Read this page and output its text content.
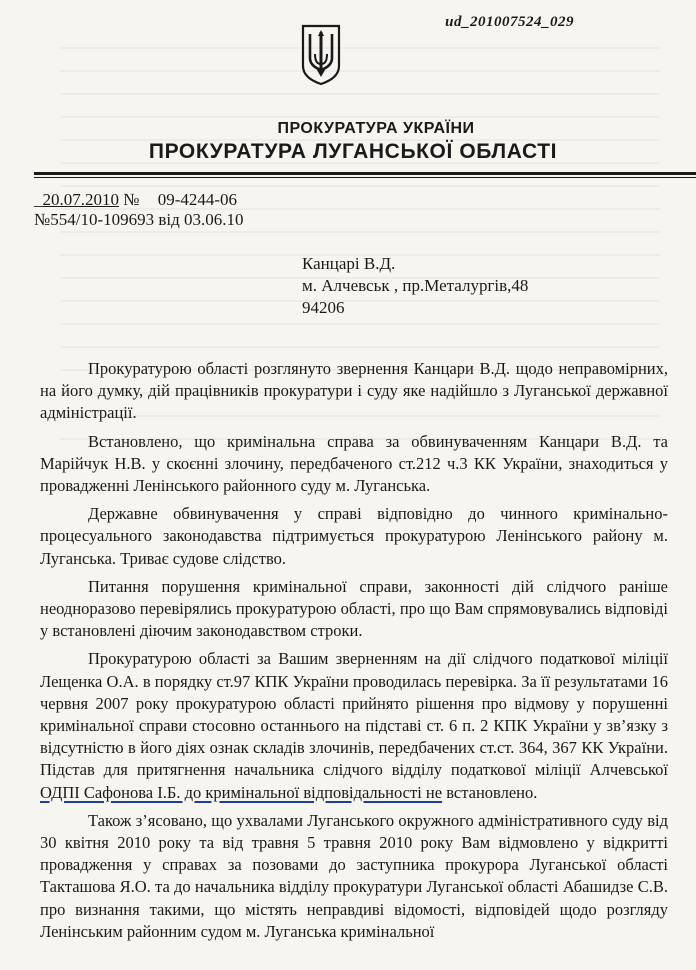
ud_201007524_029
ПРОКУРАТУРА УКРАЇНИ
ПРОКУРАТУРА ЛУГАНСЬКОЇ ОБЛАСТІ
_20.07.2010 № 09-4244-06
№554/10-109693 від 03.06.10
Канцарі В.Д.
м. Алчевськ , пр.Металургів,48
94206

Прокуратурою області розглянуто звернення Канцари В.Д. щодо неправомірних, на його думку, дій працівників прокуратури і суду яке надійшло з Луганської державної адміністрації.

Встановлено, що кримінальна справа за обвинуваченням Канцари В.Д. та Марійчук Н.В. у скоєнні злочину, передбаченого ст.212 ч.3 КК України, знаходиться у провадженні Ленінського районного суду м. Луганська.

Державне обвинувачення у справі відповідно до чинного кримінально-процесуального законодавства підтримується прокуратурою Ленінського району м. Луганська. Триває судове слідство.

Питання порушення кримінальної справи, законності дій слідчого раніше неодноразово перевірялись прокуратурою області, про що Вам спрямовувались відповіді у встановлені діючим законодавством строки.

Прокуратурою області за Вашим зверненням на дії слідчого податкової міліції Лещенка О.А. в порядку ст.97 КПК України проводилась перевірка. За її результатами 16 червня 2007 року прокуратурою області прийнято рішення про відмову у порушенні кримінальної справи стосовно останнього на підставі ст. 6 п. 2 КПК України у зв’язку з відсутністю в його діях ознак складів злочинів, передбачених ст.ст. 364, 367 КК України. Підстав для притягнення начальника слідчого відділу податкової міліції Алчевської ОДПІ Сафонова І.Б. до кримінальної відповідальності не встановлено.

Також з’ясовано, що ухвалами Луганського окружного адміністративного суду від 30 квітня 2010 року та від травня 5 травня 2010 року Вам відмовлено у відкритті провадження у справах за позовами до заступника прокурора Луганської області Такташова Я.О. та до начальника відділу прокуратури Луганської області Абашидзе С.В. про визнання такими, що містять неправдиві відомості, відповідей щодо розгляду Ленінським районним судом м. Луганська кримінальної
